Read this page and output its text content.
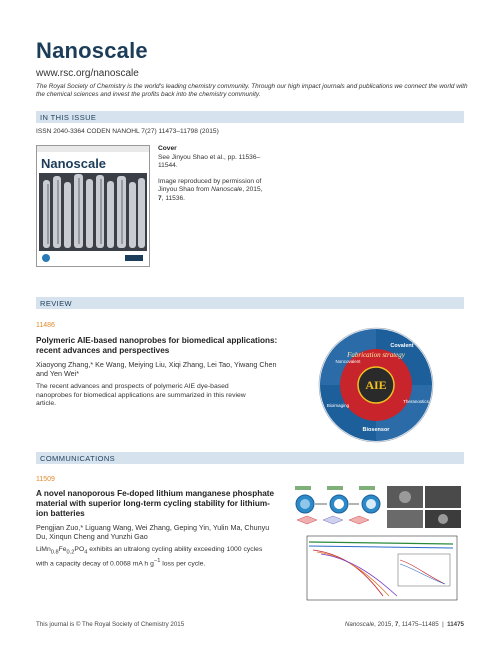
Nanoscale
www.rsc.org/nanoscale
The Royal Society of Chemistry is the world's leading chemistry community. Through our high impact journals and publications we connect the world with the chemical sciences and invest the profits back into the chemistry community.
IN THIS ISSUE
ISSN 2040-3364 CODEN NANOHL 7(27) 11473–11798 (2015)
Nanoscale

Cover
See Jinyou Shao et al., pp. 11536–11544.

Image reproduced by permission of Jinyou Shao from Nanoscale, 2015, 7, 11536.

REVIEW
11486
Polymeric AIE-based nanoprobes for biomedical applications: recent advances and perspectives
Xiaoyong Zhang,* Ke Wang, Meiying Liu, Xiqi Zhang, Lei Tao, Yiwang Chen and Yen Wei*
The recent advances and prospects of polymeric AIE dye-based nanoprobes for biomedical applications are summarized in this review article.
AIE
Fabrication strategy
Covalent
Noncovalent
Biosensor
Bioimaging
Theranostics
COMMUNICATIONS
11509
A novel nanoporous Fe-doped lithium manganese phosphate material with superior long-term cycling stability for lithium-ion batteries
Pengjian Zuo,* Liguang Wang, Wei Zhang, Geping Yin, Yulin Ma, Chunyu Du, Xinqun Cheng and Yunzhi Gao
$LiMn_{0.8}Fe_{0.2}PO_4$ exhibits an ultralong cycling ability exceeding 1000 cycles with a capacity decay of 0.0068 mA h $g^{-1}$ loss per cycle.
This journal is © The Royal Society of Chemistry 2015	Nanoscale, 2015, 7, 11475–11485  |  11475
